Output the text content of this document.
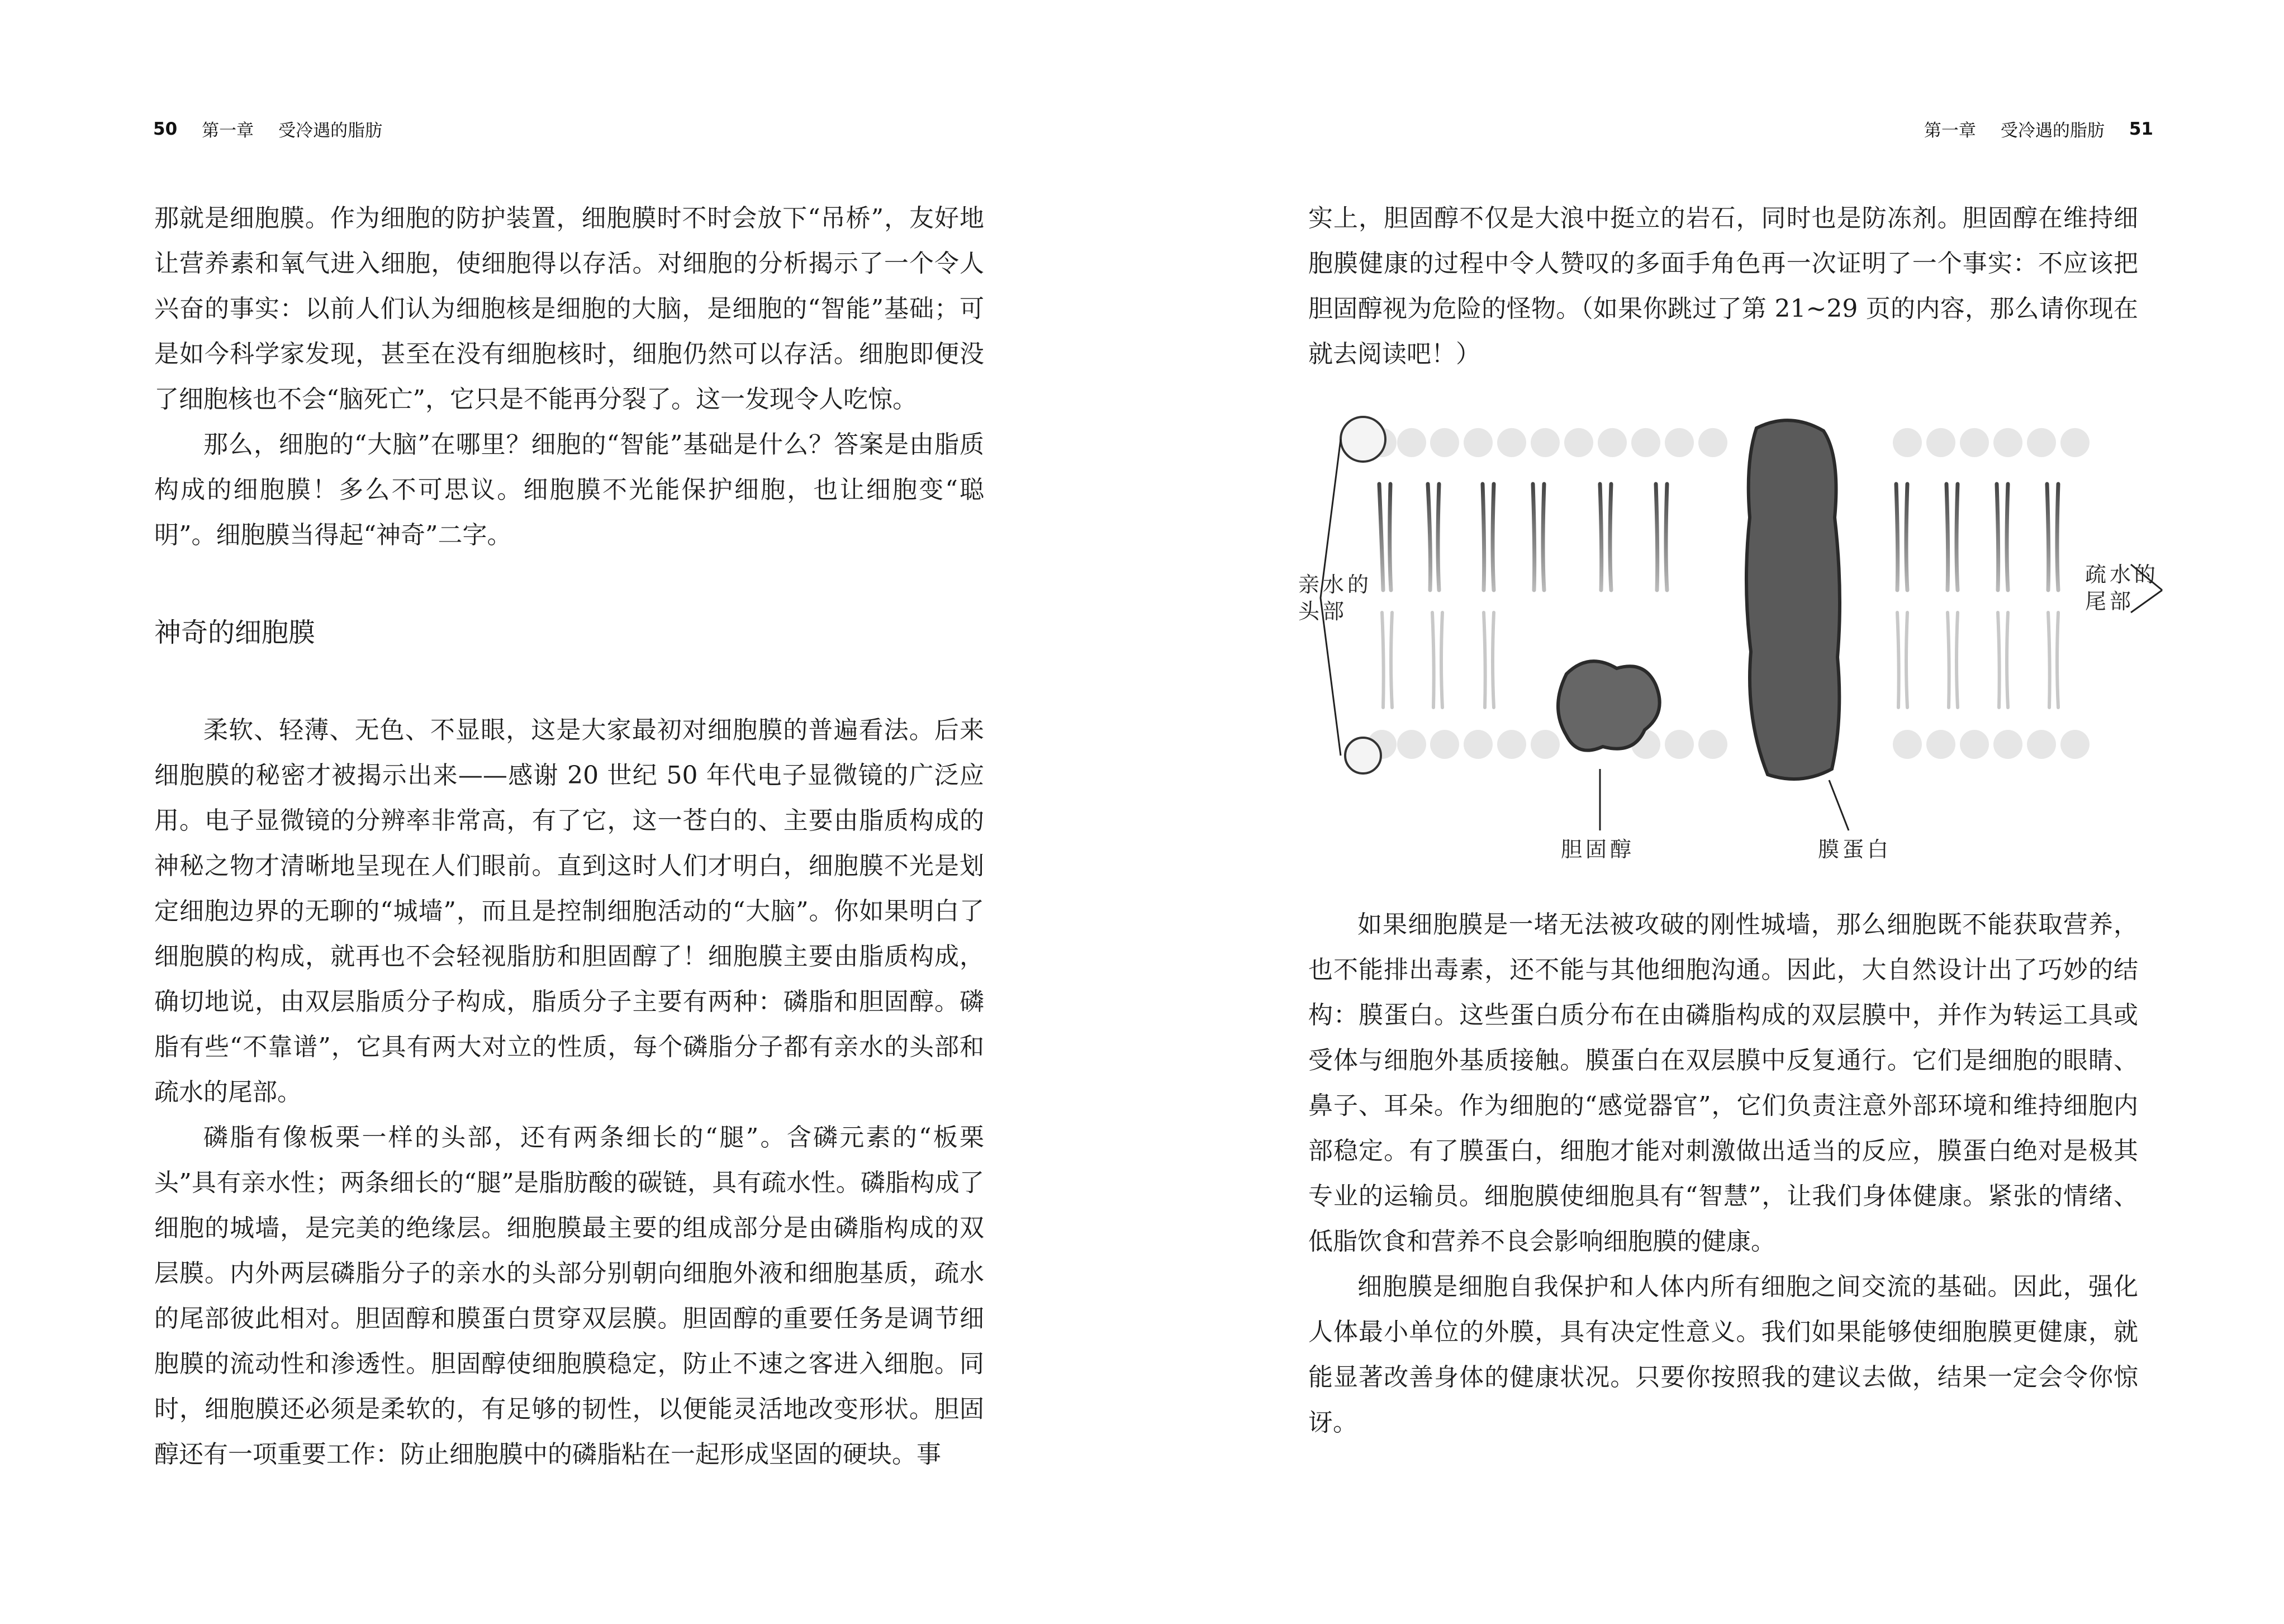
50 第一章 受冷遇的脂肪

那就是细胞膜。作为细胞的防护装置，细胞膜时不时会放下“吊桥”，友好地让营养素和氧气进入细胞，使细胞得以存活。对细胞的分析揭示了一个令人兴奋的事实：以前人们认为细胞核是细胞的大脑，是细胞的“智能”基础；可是如今科学家发现，甚至在没有细胞核时，细胞仍然可以存活。细胞即便没了细胞核也不会“脑死亡”，它只是不能再分裂了。这一发现令人吃惊。

那么，细胞的“大脑”在哪里？细胞的“智能”基础是什么？答案是由脂质构成的细胞膜！多么不可思议。细胞膜不光能保护细胞，也让细胞变“聪明”。细胞膜当得起“神奇”二字。

神奇的细胞膜

柔软、轻薄、无色、不显眼，这是大家最初对细胞膜的普遍看法。后来细胞膜的秘密才被揭示出来——感谢 20 世纪 50 年代电子显微镜的广泛应用。电子显微镜的分辨率非常高，有了它，这一苍白的、主要由脂质构成的神秘之物才清晰地呈现在人们眼前。直到这时人们才明白，细胞膜不光是划定细胞边界的无聊的“城墙”，而且是控制细胞活动的“大脑”。你如果明白了细胞膜的构成，就再也不会轻视脂肪和胆固醇了！细胞膜主要由脂质构成，确切地说，由双层脂质分子构成，脂质分子主要有两种：磷脂和胆固醇。磷脂有些“不靠谱”，它具有两大对立的性质，每个磷脂分子都有亲水的头部和疏水的尾部。

磷脂有像板栗一样的头部，还有两条细长的“腿”。含磷元素的“板栗头”具有亲水性；两条细长的“腿”是脂肪酸的碳链，具有疏水性。磷脂构成了细胞的城墙，是完美的绝缘层。细胞膜最主要的组成部分是由磷脂构成的双层膜。内外两层磷脂分子的亲水的头部分别朝向细胞外液和细胞基质，疏水的尾部彼此相对。胆固醇和膜蛋白贯穿双层膜。胆固醇的重要任务是调节细胞膜的流动性和渗透性。胆固醇使细胞膜稳定，防止不速之客进入细胞。同时，细胞膜还必须是柔软的，有足够的韧性，以便能灵活地改变形状。胆固醇还有一项重要工作：防止细胞膜中的磷脂粘在一起形成坚固的硬块。事

第一章 受冷遇的脂肪 51

实上，胆固醇不仅是大浪中挺立的岩石，同时也是防冻剂。胆固醇在维持细胞膜健康的过程中令人赞叹的多面手角色再一次证明了一个事实：不应该把胆固醇视为危险的怪物。（如果你跳过了第 21~29 页的内容，那么请你现在就去阅读吧！）

亲水的
头部
疏水的
尾部
胆固醇	膜蛋白

如果细胞膜是一堵无法被攻破的刚性城墙，那么细胞既不能获取营养，也不能排出毒素，还不能与其他细胞沟通。因此，大自然设计出了巧妙的结构：膜蛋白。这些蛋白质分布在由磷脂构成的双层膜中，并作为转运工具或受体与细胞外基质接触。膜蛋白在双层膜中反复通行。它们是细胞的眼睛、鼻子、耳朵。作为细胞的“感觉器官”，它们负责注意外部环境和维持细胞内部稳定。有了膜蛋白，细胞才能对刺激做出适当的反应，膜蛋白绝对是极其专业的运输员。细胞膜使细胞具有“智慧”，让我们身体健康。紧张的情绪、低脂饮食和营养不良会影响细胞膜的健康。

细胞膜是细胞自我保护和人体内所有细胞之间交流的基础。因此，强化人体最小单位的外膜，具有决定性意义。我们如果能够使细胞膜更健康，就能显著改善身体的健康状况。只要你按照我的建议去做，结果一定会令你惊讶。
